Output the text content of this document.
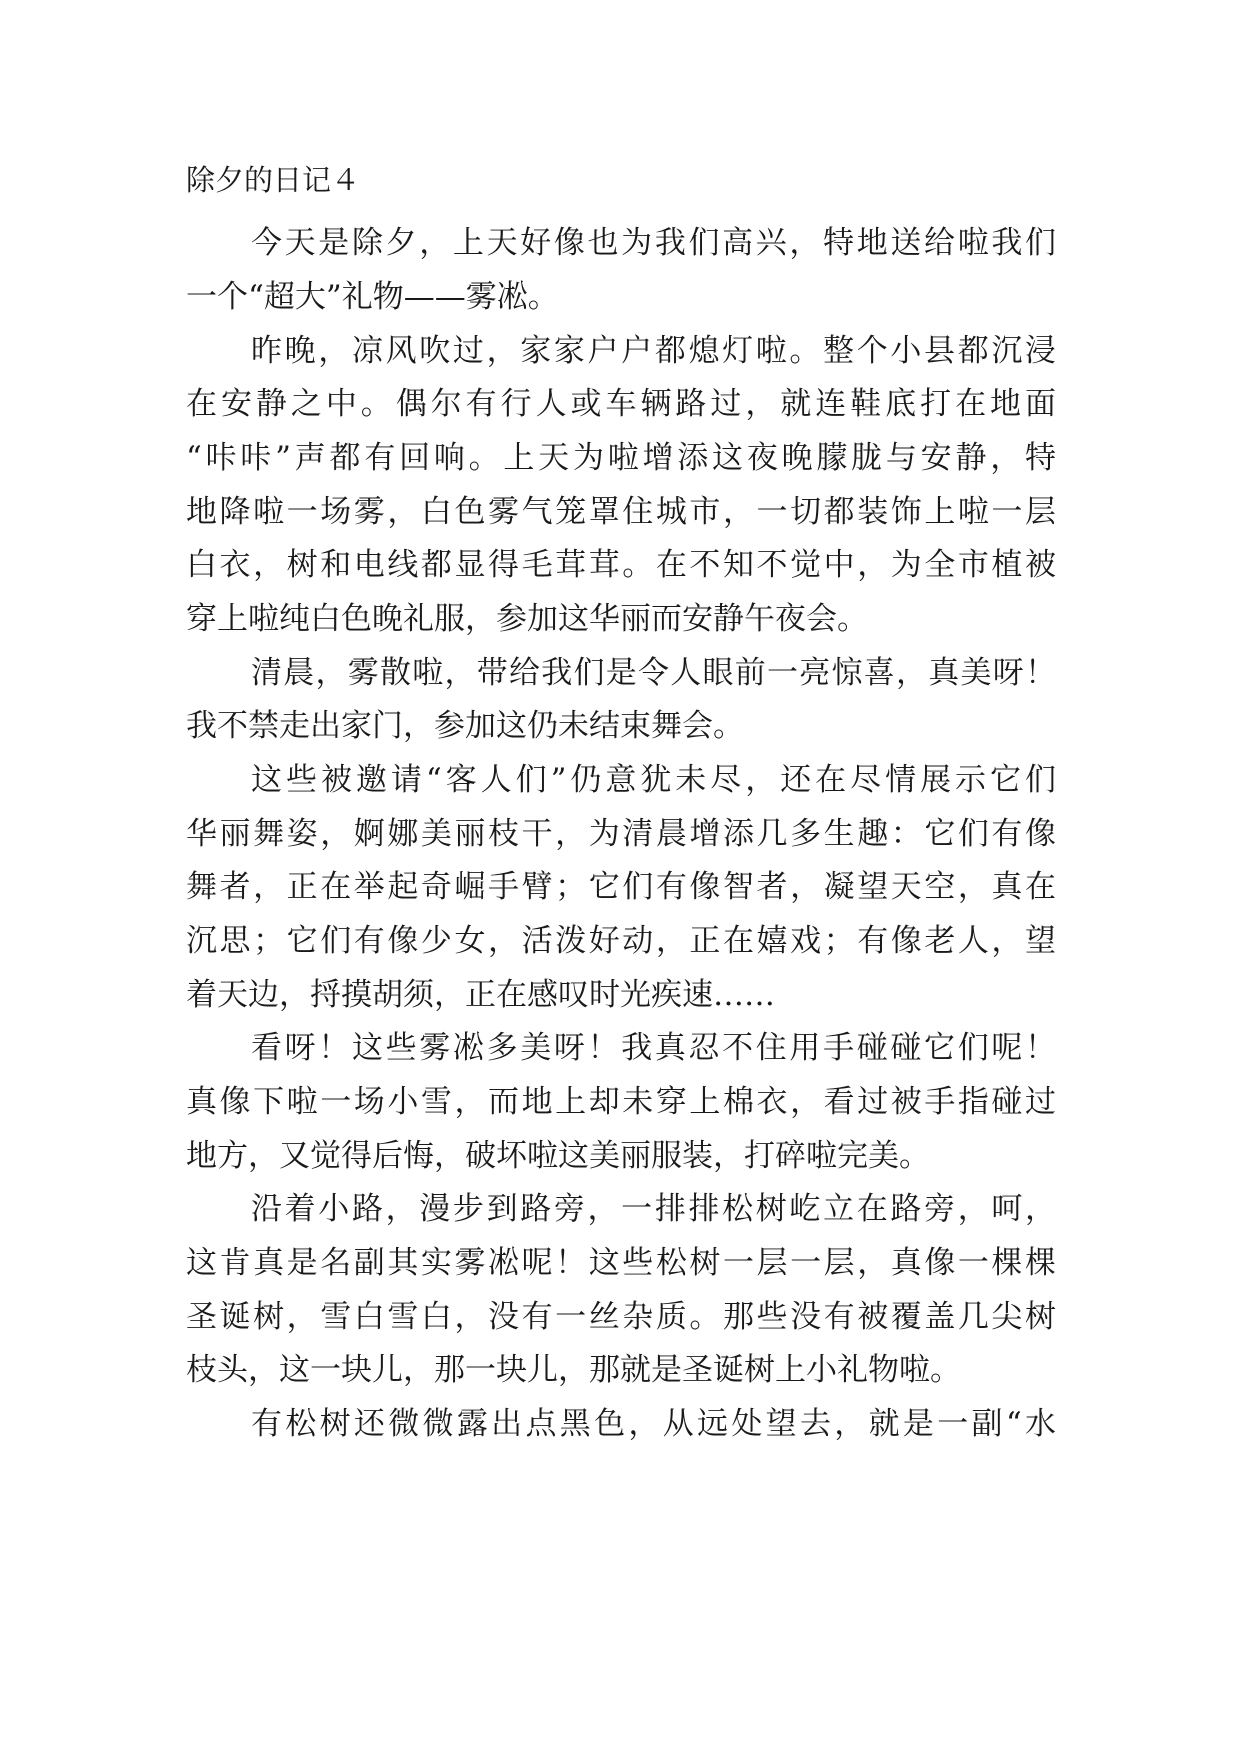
除夕的日记４

今天是除夕，上天好像也为我们高兴，特地送给啦我们

一个“超大”礼物——雾凇。

昨晚，凉风吹过，家家户户都熄灯啦。整个小县都沉浸

在安静之中。偶尔有行人或车辆路过，就连鞋底打在地面

“咔咔”声都有回响。上天为啦增添这夜晚朦胧与安静，特

地降啦一场雾，白色雾气笼罩住城市，一切都装饰上啦一层

白衣，树和电线都显得毛茸茸。在不知不觉中，为全市植被

穿上啦纯白色晚礼服，参加这华丽而安静午夜会。

清晨，雾散啦，带给我们是令人眼前一亮惊喜，真美呀！

我不禁走出家门，参加这仍未结束舞会。

这些被邀请“客人们”仍意犹未尽，还在尽情展示它们

华丽舞姿，婀娜美丽枝干，为清晨增添几多生趣：它们有像

舞者，正在举起奇崛手臂；它们有像智者，凝望天空，真在

沉思；它们有像少女，活泼好动，正在嬉戏；有像老人，望

着天边，捋摸胡须，正在感叹时光疾速……

看呀！这些雾凇多美呀！我真忍不住用手碰碰它们呢！

真像下啦一场小雪，而地上却未穿上棉衣，看过被手指碰过

地方，又觉得后悔，破坏啦这美丽服装，打碎啦完美。

沿着小路，漫步到路旁，一排排松树屹立在路旁，呵，

这肯真是名副其实雾凇呢！这些松树一层一层，真像一棵棵

圣诞树，雪白雪白，没有一丝杂质。那些没有被覆盖几尖树

枝头，这一块儿，那一块儿，那就是圣诞树上小礼物啦。

有松树还微微露出点黑色，从远处望去，就是一副“水
